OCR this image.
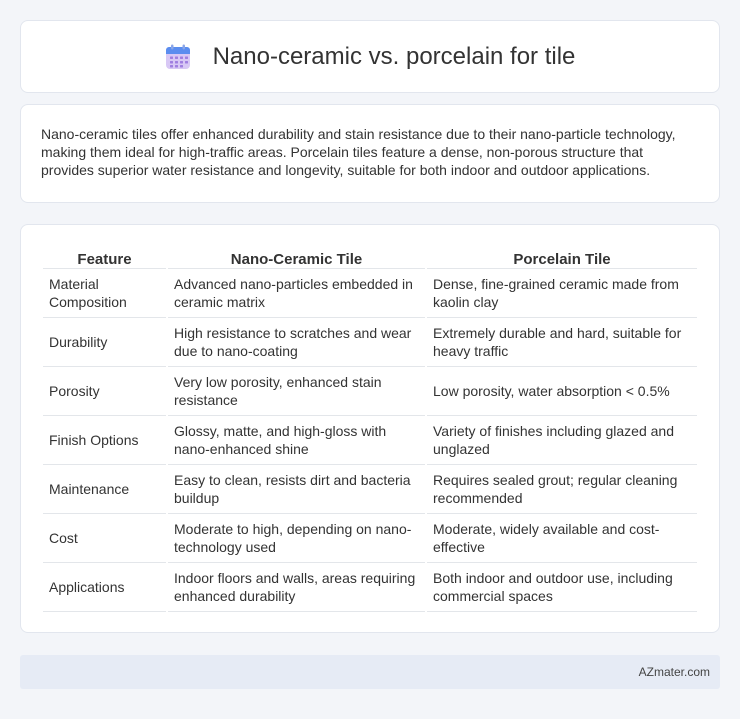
Nano-ceramic vs. porcelain for tile

Nano-ceramic tiles offer enhanced durability and stain resistance due to their nano-particle technology, making them ideal for high-traffic areas. Porcelain tiles feature a dense, non-porous structure that provides superior water resistance and longevity, suitable for both indoor and outdoor applications.

Feature	Nano-Ceramic Tile	Porcelain Tile
Material Composition	Advanced nano-particles embedded in ceramic matrix	Dense, fine-grained ceramic made from kaolin clay
Durability	High resistance to scratches and wear due to nano-coating	Extremely durable and hard, suitable for heavy traffic
Porosity	Very low porosity, enhanced stain resistance	Low porosity, water absorption < 0.5%
Finish Options	Glossy, matte, and high-gloss with nano-enhanced shine	Variety of finishes including glazed and unglazed
Maintenance	Easy to clean, resists dirt and bacteria buildup	Requires sealed grout; regular cleaning recommended
Cost	Moderate to high, depending on nano-technology used	Moderate, widely available and cost-effective
Applications	Indoor floors and walls, areas requiring enhanced durability	Both indoor and outdoor use, including commercial spaces
AZmater.com
